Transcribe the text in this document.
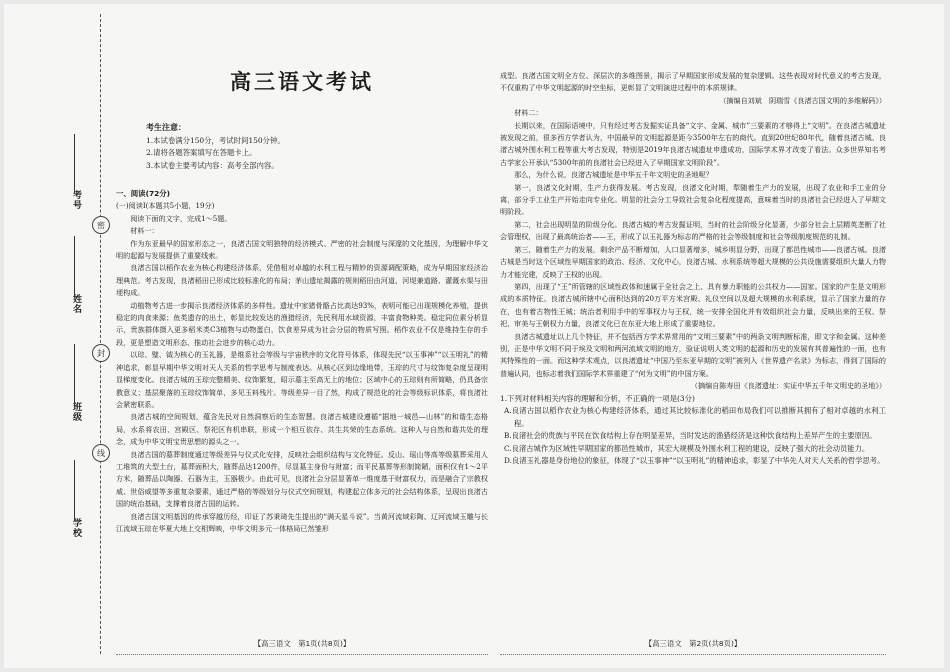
考号
姓名
班级
学校
密
封
线
高三语文考试
考生注意：
1.本试卷满分150分，考试时间150分钟。
2.请将各题答案填写在答题卡上。
3.本试卷主要考试内容：高考全部内容。

一、阅读(72分)

(一)阅读Ⅰ(本题共5小题，19分)

阅读下面的文字，完成1～5题。

材料一：

作为东亚最早的国家形态之一，良渚古国文明独特的经济模式、严密的社会制度与深邃的文化基因，为理解中华文明的起源与发展提供了重要线索。

良渚古国以稻作农业为核心构建经济体系，凭借相对卓越的水利工程与精妙的资源调配策略，成为早期国家经济治理典范。考古发现，良渚稻田已形成比较标准化的布局；茅山遗址揭露的规则稻田由河道、河堤兼道路、灌溉水渠与田埂构成。

动植物考古进一步揭示良渚经济体系的多样性。遗址中家猪骨骼占比高达93%，表明可能已出现规模化养殖，提供稳定的肉食来源；鱼类遗存的出土，彰显比较发达的渔猎经济，先民利用水域资源，丰富食物种类。稳定同位素分析显示，贵族群体摄入更多稻米类C3植物与动物蛋白，饮食差异成为社会分层的物质写照。稻作农业不仅是维持生存的手段，更是塑造文明形态、推动社会进步的核心动力。

以琮、璧、钺为核心的玉礼器，是维系社会等级与宇宙秩序的文化符号体系，体现先民“以玉事神”“以玉明礼”的精神追求，彰显早期中华文明对天人关系的哲学思考与制度表达。从核心区到边缘地带，玉琮的尺寸与纹饰复杂度呈现明显梯度变化。良渚古城的玉琮完整精美、纹饰繁复，昭示墓主至高无上的地位；区域中心的玉琮则有所简略，仍具备宗教意义；基层聚落的玉琮纹饰简单，多见玉料残片。等级差异一目了然，构成了规范化的社会等级标识体系，将良渚社会紧密联系。

良渚古城的空间规划，蕴含先民对自然洞察后的生态智慧。良渚古城建设遵循“据地一城邑—山林”的和谐生态格局，水系将农田、宫殿区、祭祀区有机串联，形成一个相互依存、共生共荣的生态系统。这种人与自然和谐共处的理念，成为中华文明宝贵思想的源头之一。

良渚古国的墓葬制度通过等级差异与仪式化安排，反映社会组织结构与文化特征。反山、瑶山等高等级墓葬采用人工堆筑的大型土台，墓葬面积大，随葬品达1200件，尽显墓主身份与财富；而平民墓葬等形制简陋，面积仅有1～2平方米，随葬品以陶器、石器为主，玉器极少。由此可见，良渚社会分层显著单一维度基于财富权力，而是融合了宗教权威、世俗威望等多重复杂要素，通过严格的等级划分与仪式空间规划，构建起立体多元的社会结构体系，呈现出良渚古国的统治基础，支撑着良渚古国的运转。

良渚古国文明基因的传承穿越历经，印证了苏秉琦先生提出的“满天星斗说”。当黄河流域彩陶、辽河流域玉雕与长江流域玉琮在华夏大地上交相辉映，中华文明多元一体格局已然雏形

【高三语文　第1页(共8页)】

成型。良渚古国文明全方位、深层次的多维图景，揭示了早期国家形成发展的复杂逻辑。这些表现对时代意义的考古发现，不仅重构了中华文明起源的时空坐标，更彰显了文明演进过程中的本质规律。

（摘编自刘斌　阴瑞雪《良渚古国文明的多维解码》）

材料二：

长期以来，在国际语境中，只有经过考古发掘实证具备“文字、金属、城市”三要素的才够得上“文明”。在良渚古城遗址被发现之前，很多西方学者认为，中国最早的文明起源是距今3500年左右的商代。直到20世纪80年代，随着良渚古城、良渚古城外围水利工程等重大考古发现，特别是2019年良渚古城遗址申遗成功，国际学术界才改变了看法。众多世界知名考古学家公开承认“5300年前的良渚社会已经进入了早期国家文明阶段”。

那么，为什么说，良渚古城遗址是中华五千年文明史的圣地呢？

第一，良渚文化时期，生产力获得发展。考古发现，良渚文化时期，犁随着生产力的发展，出现了农业和手工业的分离，部分手工业生产开始走向专业化。明显的社会分工导致社会复杂化程度提高，意味着当时的良渚社会已经进入了早期文明阶段。

第二，社会出现明显的阶级分化。良渚古城的考古发掘证明，当时的社会阶级分化显著，少部分社会上层精英垄断了社会管理权，出现了最高统治者——王，形成了以玉礼器为标志的严格的社会等级制度和社会等级制度规范的礼制。

第三，随着生产力的发展，剩余产品不断增加，人口显著增多，城乡明显分野，出现了都邑性城市——良渚古城。良渚古城是当时这个区域性早期国家的政治、经济、文化中心，良渚古城、水利系统等超大规模的公共设施需要组织大量人力物力才能完建，反映了王权的出现。

第四，出现了“王”所管辖的区域性政体和速属于全社会之上、具有暴力职能的公共权力——国家。国家的产生是文明形成的本质特征。良渚古城所辖中心面积达到的20万平方米宫殿、礼仪空间以及超大规模的水利系统，显示了国家力量的存在，也有着古物性王城；统治者利用手中的军事权力与王权，统一安排全国化并有效组织社会力量，反映出来的王权、祭祀、审美与王朝权力力量，良渚文化已在东亚大地上形成了重要地位。

良渚古城遗址以上几个特征，并不包括西方学术界常用的“文明三要素”中的两条文明判断标准，即文字和金属。这种差别，正是中华文明不同于埃及文明和两河流域文明的地方，验证说明人类文明的起源和历史的发展有其普遍性的一面，也有其特殊性的一面。而这种学术观点，以良渚遗址“中国乃至东亚早期的文明”被列入《世界遗产名录》为标志，得到了国际的普遍认同，也标志着我们国际学术界重建了“何为文明”的中国方案。

（摘编自陈寿田《良渚遗址：实证中华五千年文明史的圣地》）

1.下列对材料相关内容的理解和分析，不正确的一项是(3分)

A.良渚古国以稻作农业为核心构建经济体系，通过其比较标准化的稻田布局我们可以推断其拥有了相对卓越的水利工程。

B.良渚社会的贵族与平民在饮食结构上存在明显差异，当时发达的渔猎经济是这种饮食结构上差异产生的主要原因。

C.良渚古城作为区域性早期国家的都邑性城市，其宏大规模及外围水利工程的建设，反映了强大的社会动员能力。

D.良渚玉礼器是身份地位的象征，体现了“以玉事神”“以玉明礼”的精神追求，彰显了中华先人对天人关系的哲学思考。

【高三语文　第2页(共8页)】
